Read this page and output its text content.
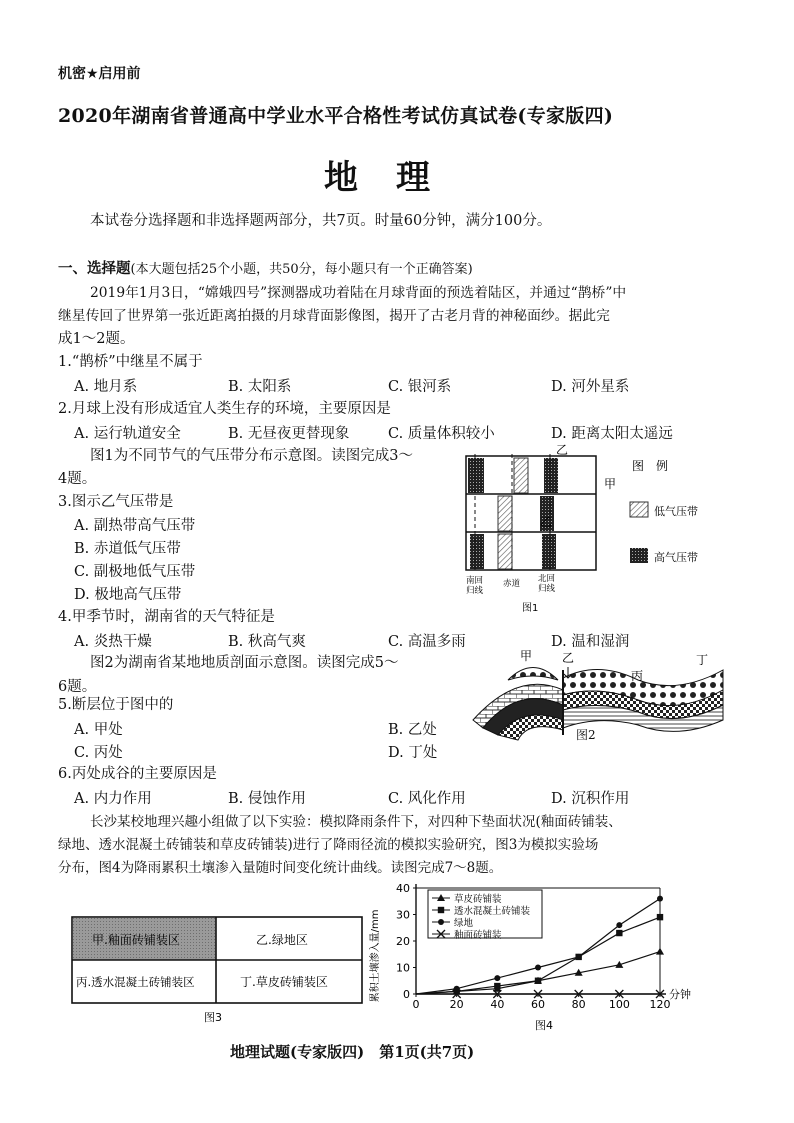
机密★启用前
2020年湖南省普通高中学业水平合格性考试仿真试卷(专家版四)
地理
本试卷分选择题和非选择题两部分，共7页。时量60分钟，满分100分。
一、选择题(本大题包括25个小题，共50分，每小题只有一个正确答案)
2019年1月3日，“嫦娥四号”探测器成功着陆在月球背面的预选着陆区，并通过“鹊桥”中
继星传回了世界第一张近距离拍摄的月球背面影像图，揭开了古老月背的神秘面纱。据此完
成1～2题。
1.“鹊桥”中继星不属于
A. 地月系	B. 太阳系	C. 银河系	D. 河外星系
2.月球上没有形成适宜人类生存的环境，主要原因是
A. 运行轨道安全	B. 无昼夜更替现象	C. 质量体积较小	D. 距离太阳太遥远
图1为不同节气的气压带分布示意图。读图完成3～
4题。
3.图示乙气压带是
A. 副热带高气压带
B. 赤道低气压带
C. 副极地低气压带
D. 极地高气压带
乙
乙
甲
南回
归线
赤道 北回
归线
图1
图　例
低气压带
高气压带
4.甲季节时，湖南省的天气特征是
A. 炎热干燥	B. 秋高气爽	C. 高温多雨	D. 温和湿润
图2为湖南省某地地质剖面示意图。读图完成5～
6题。
甲 乙
丙
丁
图2
5.断层位于图中的
A. 甲处	B. 乙处
C. 丙处	D. 丁处
6.丙处成谷的主要原因是
A. 内力作用	B. 侵蚀作用	C. 风化作用	D. 沉积作用
长沙某校地理兴趣小组做了以下实验：模拟降雨条件下，对四种下垫面状况(釉面砖铺装、
绿地、透水混凝土砖铺装和草皮砖铺装)进行了降雨径流的模拟实验研究，图3为模拟实验场
分布，图4为降雨累积土壤渗入量随时间变化统计曲线。读图完成7～8题。
甲.釉面砖铺装区	乙.绿地区
丙.透水混凝土砖铺装区	丁.草皮砖铺装区
图3
0	20 40 60 80 100 120
0
10
20
30
40
草皮砖铺装
透水混凝土砖铺装
绿地
釉面砖铺装
累积土壤渗入量/mm	分钟
图4
地理试题(专家版四)　第1页(共7页)
